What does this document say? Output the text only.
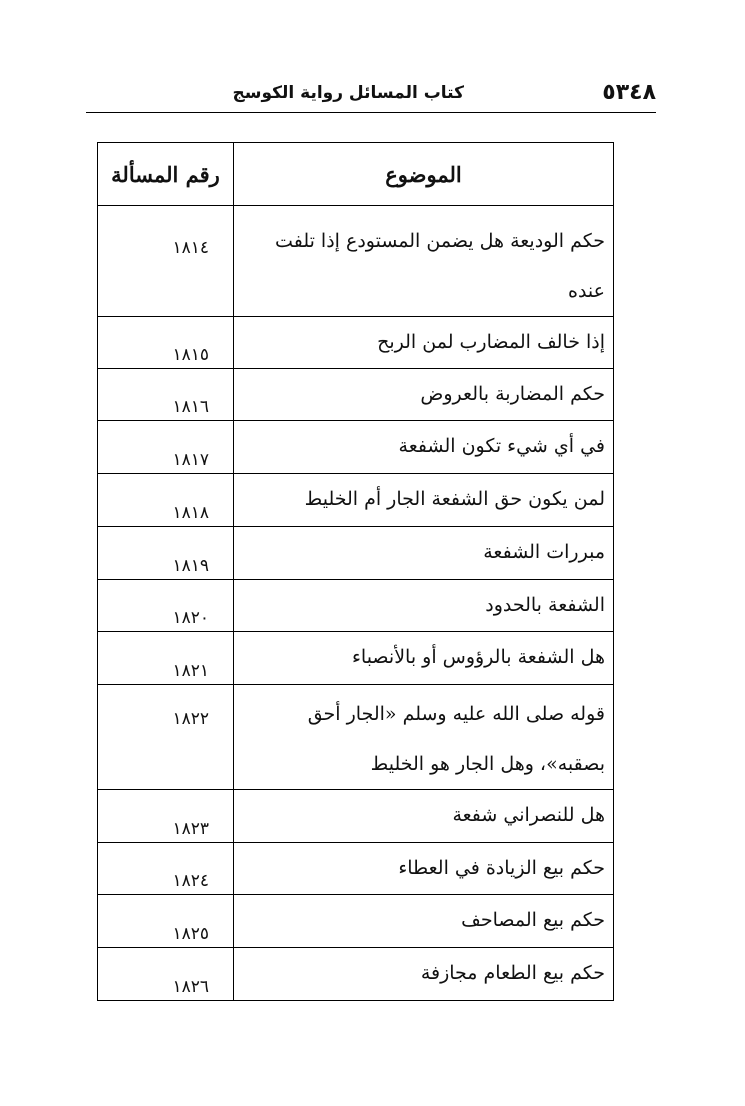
٥٣٤٨
كتاب المسائل رواية الكوسج
الموضوع	رقم المسألة
حكم الوديعة هل يضمن المستودع إذا تلفت عنده	١٨١٤
إذا خالف المضارب لمن الربح	١٨١٥
حكم المضاربة بالعروض	١٨١٦
في أي شيء تكون الشفعة	١٨١٧
لمن يكون حق الشفعة الجار أم الخليط	١٨١٨
مبررات الشفعة	١٨١٩
الشفعة بالحدود	١٨٢٠
هل الشفعة بالرؤوس أو بالأنصباء	١٨٢١
قوله صلى الله عليه وسلم «الجار أحق بصقبه»، وهل الجار هو الخليط	١٨٢٢
هل للنصراني شفعة	١٨٢٣
حكم بيع الزيادة في العطاء	١٨٢٤
حكم بيع المصاحف	١٨٢٥
حكم بيع الطعام مجازفة	١٨٢٦
